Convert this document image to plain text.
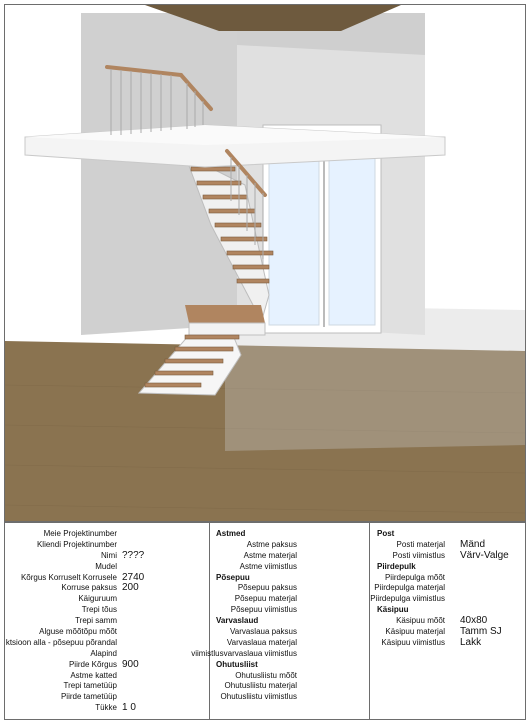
Meie Projektinumber
Kliendi Projektinumber
Nimi ????
Mudel
Kõrgus Korruselt Korrusele 2740
Korruse paksus 200
Käiguruum
Trepi tõus
Trepi samm
Alguse mõõtõpu mõõt
ktsioon alla - põsepuu põrandal
Alapind
Piirde Kõrgus 900
Astme katted
Trepi tametüüp
Piirde tametüüp
Tükke 1 0
Astmed
Astme paksus
Astme materjal
Astme viimistlus
Põsepuu
Põsepuu paksus
Põsepuu materjal
Põsepuu viimistlus
Varvaslaud
Varvaslaua paksus
Varvaslaua materjal
viimistlusvarvaslaua viimistlus
Ohutusliist
Ohutusliistu mõõt
Ohutusliistu materjal
Ohutusliistu viimistlus
Post
Posti materjal Mänd
Posti viimistlus Värv-Valge
Piirdepulk
Piirdepulga mõõt
Piirdepulga materjal
Piirdepulga viimistlus
Käsipuu
Käsipuu mõõt 40x80
Käsipuu materjal Tamm SJ
Käsipuu viimistlus Lakk
